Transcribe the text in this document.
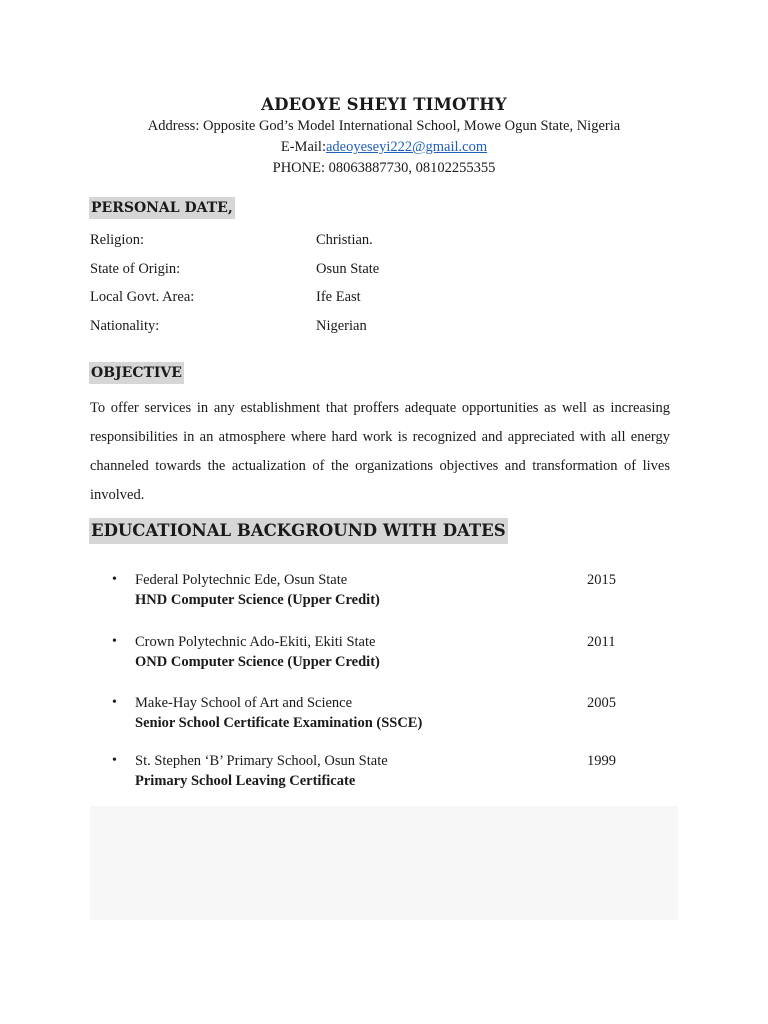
ADEOYE SHEYI TIMOTHY

Address: Opposite God’s Model International School, Mowe Ogun State, Nigeria

E-Mail:adeoyeseyi222@gmail.com

PHONE: 08063887730, 08102255355

PERSONAL DATE,
Religion:	Christian.
State of Origin:	Osun State
Local Govt. Area:	Ife East
Nationality:	Nigerian
OBJECTIVE

To offer services in any establishment that proffers adequate opportunities as well as increasing responsibilities in an atmosphere where hard work is recognized and appreciated with all energy channeled towards the actualization of the organizations objectives and transformation of lives involved.

EDUCATIONAL BACKGROUND WITH DATES
• Federal Polytechnic Ede, Osun State
HND Computer Science (Upper Credit)
2015
• Crown Polytechnic Ado-Ekiti, Ekiti State
OND Computer Science (Upper Credit)
2011
• Make-Hay School of Art and Science
Senior School Certificate Examination (SSCE)
2005
• St. Stephen ‘B’ Primary School, Osun State
Primary School Leaving Certificate
1999
